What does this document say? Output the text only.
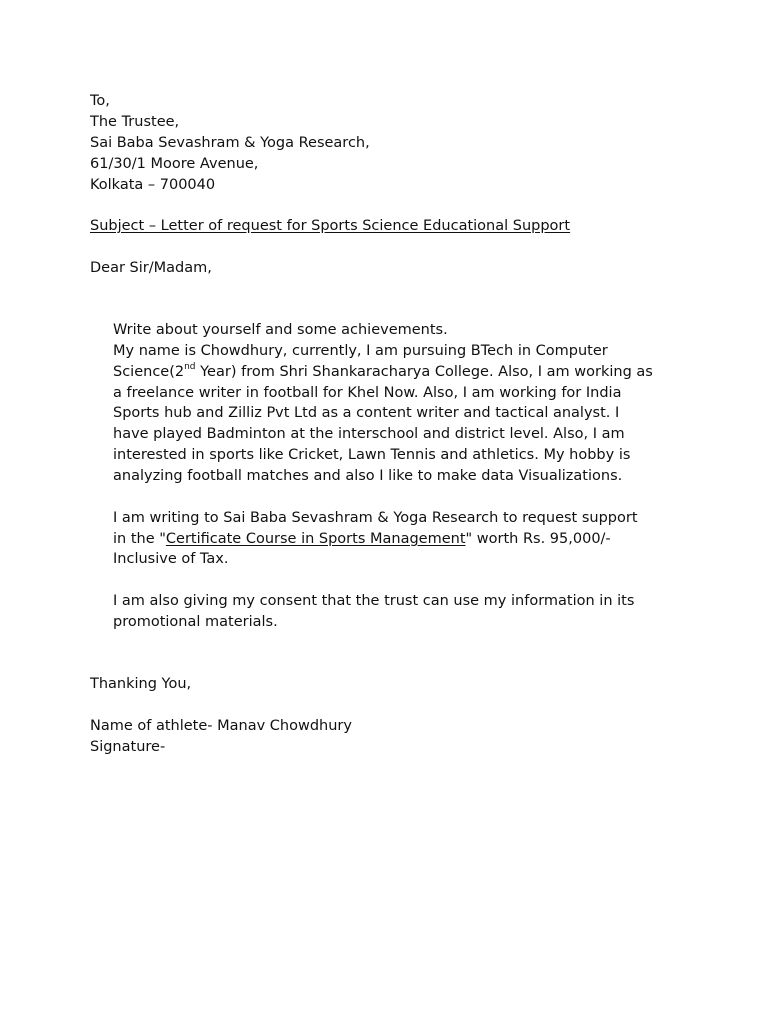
To,
The Trustee,
Sai Baba Sevashram & Yoga Research,
61/30/1 Moore Avenue,
Kolkata – 700040
Subject – Letter of request for Sports Science Educational Support
Dear Sir/Madam,
Write about yourself and some achievements.
My name is Chowdhury, currently, I am pursuing BTech in Computer
Science(2nd Year) from Shri Shankaracharya College. Also, I am working as
a freelance writer in football for Khel Now. Also, I am working for India
Sports hub and Zilliz Pvt Ltd as a content writer and tactical analyst. I
have played Badminton at the interschool and district level. Also, I am
interested in sports like Cricket, Lawn Tennis and athletics. My hobby is
analyzing football matches and also I like to make data Visualizations.
I am writing to Sai Baba Sevashram & Yoga Research to request support
in the "Certificate Course in Sports Management" worth Rs. 95,000/-
Inclusive of Tax.
I am also giving my consent that the trust can use my information in its
promotional materials.
Thanking You,
Name of athlete- Manav Chowdhury
Signature-
